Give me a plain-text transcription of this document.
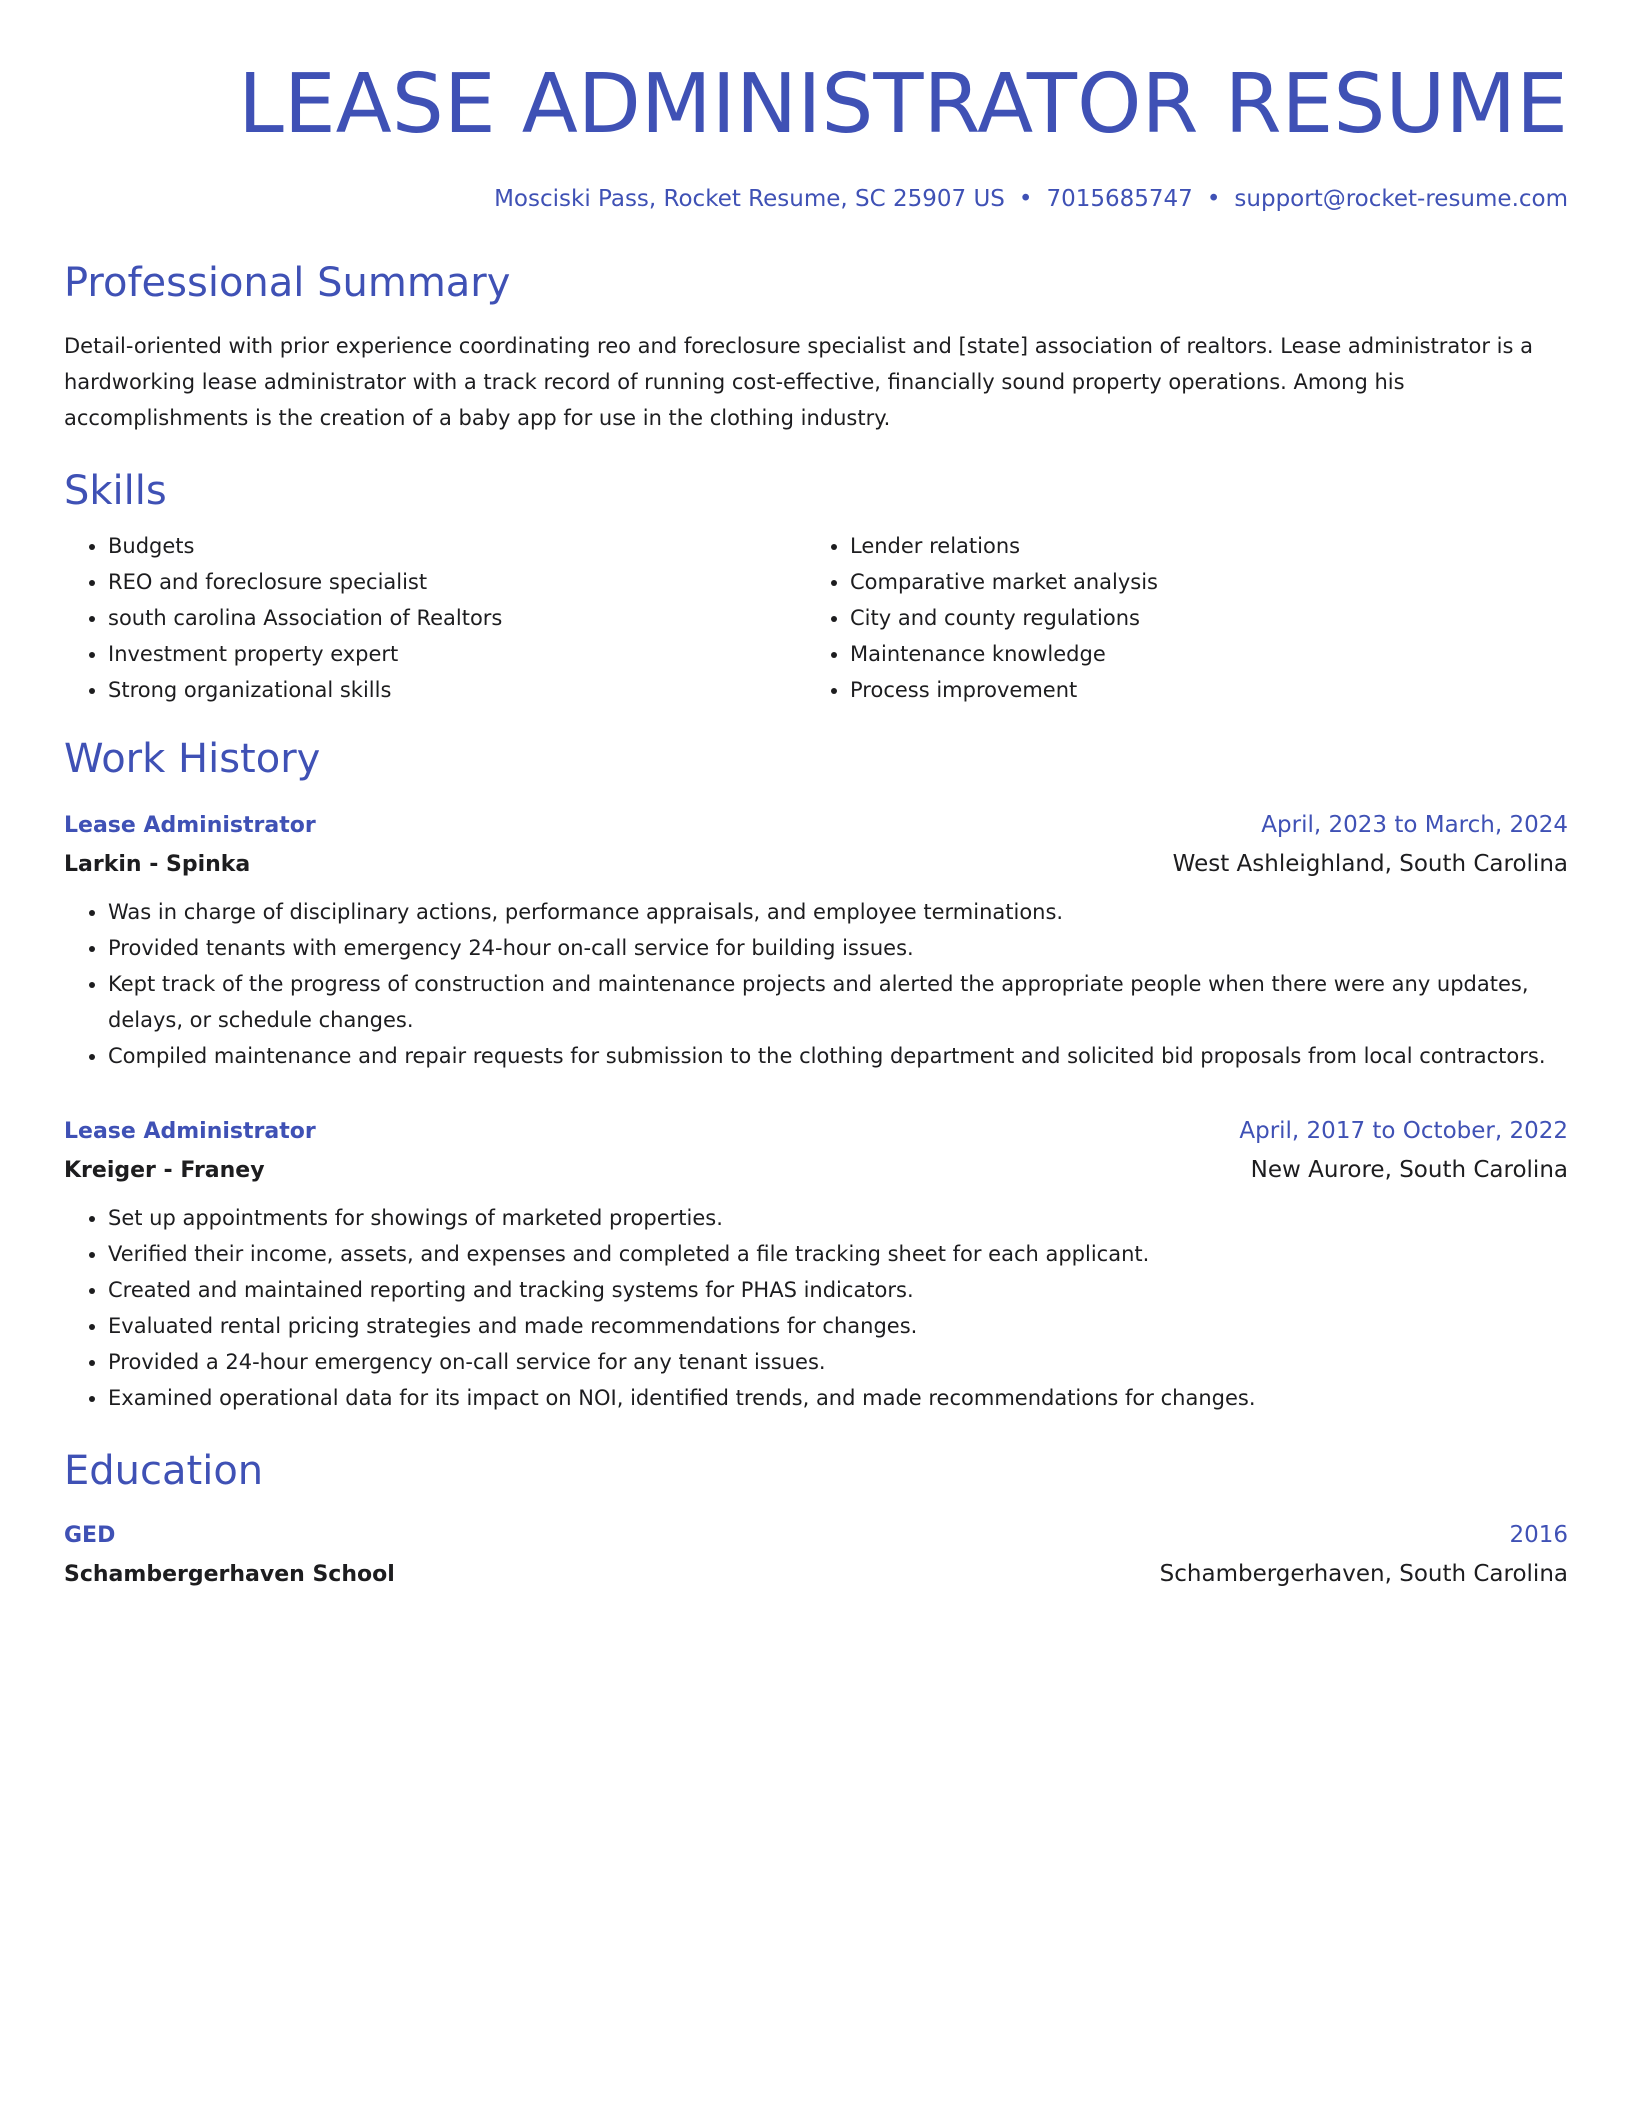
LEASE ADMINISTRATOR RESUME
Mosciski Pass, Rocket Resume, SC 25907 US • 7015685747 • support@rocket-resume.com
Professional Summary
Detail-oriented with prior experience coordinating reo and foreclosure specialist and [state] association of realtors. Lease administrator is a hardworking lease administrator with a track record of running cost-effective, financially sound property operations. Among his accomplishments is the creation of a baby app for use in the clothing industry.
Skills
• Budgets
• REO and foreclosure specialist
• south carolina Association of Realtors
• Investment property expert
• Strong organizational skills
• Lender relations
• Comparative market analysis
• City and county regulations
• Maintenance knowledge
• Process improvement
Work History
Lease Administrator	April, 2023 to March, 2024
Larkin - Spinka	West Ashleighland, South Carolina
• Was in charge of disciplinary actions, performance appraisals, and employee terminations.
• Provided tenants with emergency 24-hour on-call service for building issues.
• Kept track of the progress of construction and maintenance projects and alerted the appropriate people when there were any updates, delays, or schedule changes.
• Compiled maintenance and repair requests for submission to the clothing department and solicited bid proposals from local contractors.
Lease Administrator	April, 2017 to October, 2022
Kreiger - Franey	New Aurore, South Carolina
• Set up appointments for showings of marketed properties.
• Verified their income, assets, and expenses and completed a file tracking sheet for each applicant.
• Created and maintained reporting and tracking systems for PHAS indicators.
• Evaluated rental pricing strategies and made recommendations for changes.
• Provided a 24-hour emergency on-call service for any tenant issues.
• Examined operational data for its impact on NOI, identified trends, and made recommendations for changes.
Education
GED	2016
Schambergerhaven School	Schambergerhaven, South Carolina
